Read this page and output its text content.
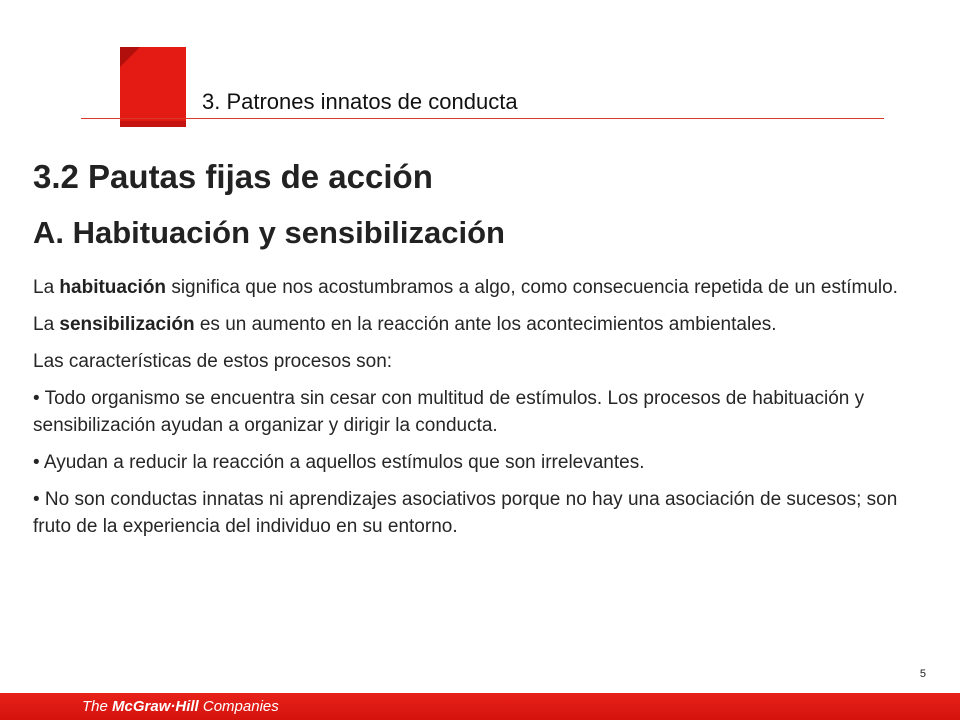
3. Patrones innatos de conducta
3.2 Pautas fijas de acción
A. Habituación y sensibilización

La habituación significa que nos acostumbramos a algo, como consecuencia repetida de un estímulo.

La sensibilización es un aumento en la reacción ante los acontecimientos ambientales.

Las características de estos procesos son:

• Todo organismo se encuentra sin cesar con multitud de estímulos. Los procesos de habituación y sensibilización ayudan a organizar y dirigir la conducta.

• Ayudan a reducir la reacción a aquellos estímulos que son irrelevantes.

• No son conductas innatas ni aprendizajes asociativos porque no hay una asociación de sucesos; son fruto de la experiencia del individuo en su entorno.

5
The McGraw·Hill Companies
